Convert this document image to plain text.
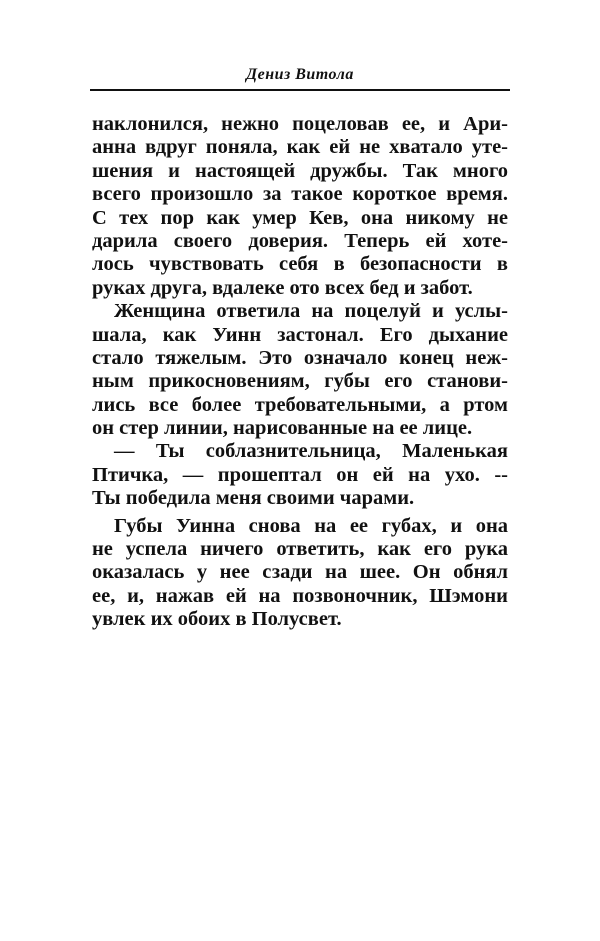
Дениз Витола
наклонился, нежно поцеловав ее, и Ари-
анна вдруг поняла, как ей не хватало уте-
шения и настоящей дружбы. Так много
всего произошло за такое короткое время.
С тех пор как умер Кев, она никому не
дарила своего доверия. Теперь ей хоте-
лось чувствовать себя в безопасности в
руках друга, вдалеке ото всех бед и забот.
Женщина ответила на поцелуй и услы-
шала, как Уинн застонал. Его дыхание
стало тяжелым. Это означало конец неж-
ным прикосновениям, губы его станови-
лись все более требовательными, а ртом
он стер линии, нарисованные на ее лице.
— Ты соблазнительница, Маленькая
Птичка, — прошептал он ей на ухо. --
Ты победила меня своими чарами.
Губы Уинна снова на ее губах, и она
не успела ничего ответить, как его рука
оказалась у нее сзади на шее. Он обнял
ее, и, нажав ей на позвоночник, Шэмони
увлек их обоих в Полусвет.
